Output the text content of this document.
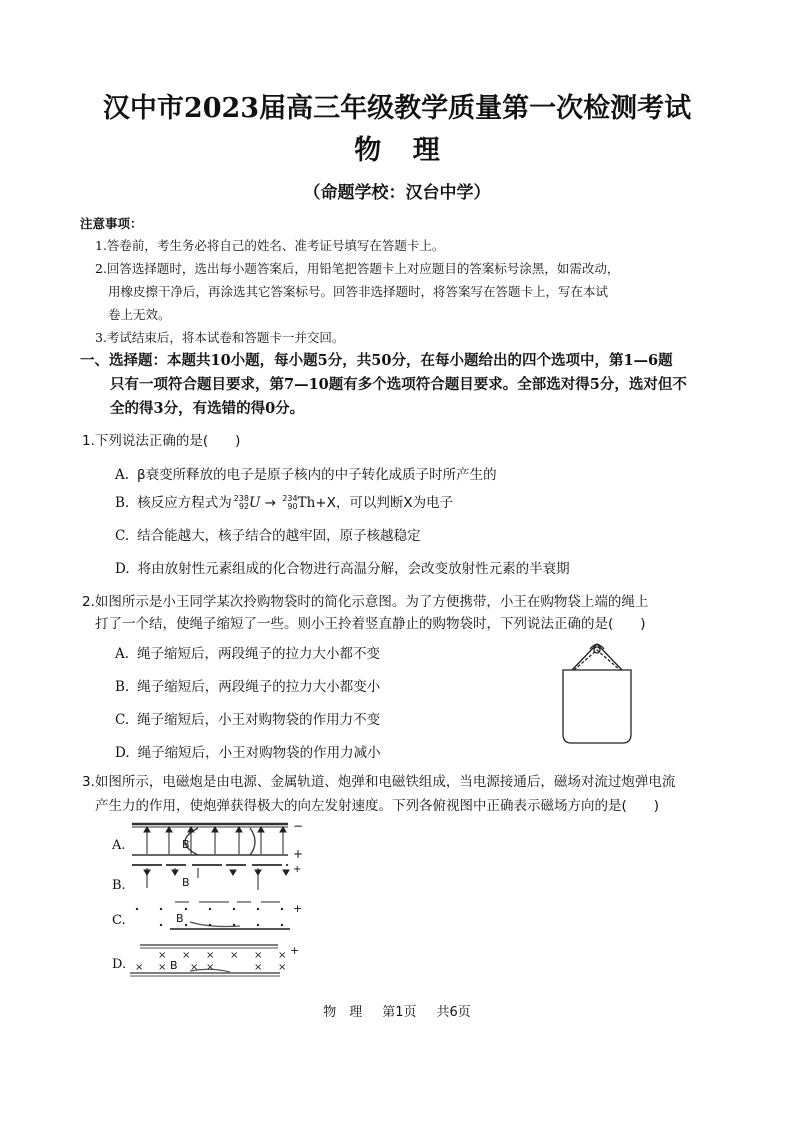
汉中市2023届高三年级教学质量第一次检测考试
物 理
（命题学校：汉台中学）
注意事项：
1.答卷前，考生务必将自己的姓名、准考证号填写在答题卡上。
2.回答选择题时，选出每小题答案后，用铅笔把答题卡上对应题目的答案标号涂黑，如需改动，
用橡皮擦干净后，再涂选其它答案标号。回答非选择题时，将答案写在答题卡上，写在本试
卷上无效。
3.考试结束后，将本试卷和答题卡一并交回。
一、选择题：本题共10小题，每小题5分，共50分，在每小题给出的四个选项中，第1—6题
只有一项符合题目要求，第7—10题有多个选项符合题目要求。全部选对得5分，选对但不
全的得3分，有选错的得0分。
1.下列说法正确的是(　　)
A. β衰变所释放的电子是原子核内的中子转化成质子时所产生的
B. 核反应方程式为 238
92U → 234
90Th+X，可以判断X为电子
C. 结合能越大，核子结合的越牢固，原子核越稳定
D. 将由放射性元素组成的化合物进行高温分解，会改变放射性元素的半衰期
2.如图所示是小王同学某次拎购物袋时的简化示意图。为了方便携带，小王在购物袋上端的绳上
打了一个结，使绳子缩短了一些。则小王拎着竖直静止的购物袋时，下列说法正确的是(　　)
A. 绳子缩短后，两段绳子的拉力大小都不变
B. 绳子缩短后，两段绳子的拉力大小都变小
C. 绳子缩短后，小王对购物袋的作用力不变
D. 绳子缩短后，小王对购物袋的作用力减小
3.如图所示，电磁炮是由电源、金属轨道、炮弹和电磁铁组成，当电源接通后，磁场对流过炮弹电流
产生力的作用，使炮弹获得极大的向左发射速度。下列各俯视图中正确表示磁场方向的是(　　)
A.	B
−
+
B.	B
+
C.	B
+
D.
× × × × × ×
× × × ×	× ×
B
+
物　理 第1页 共6页
